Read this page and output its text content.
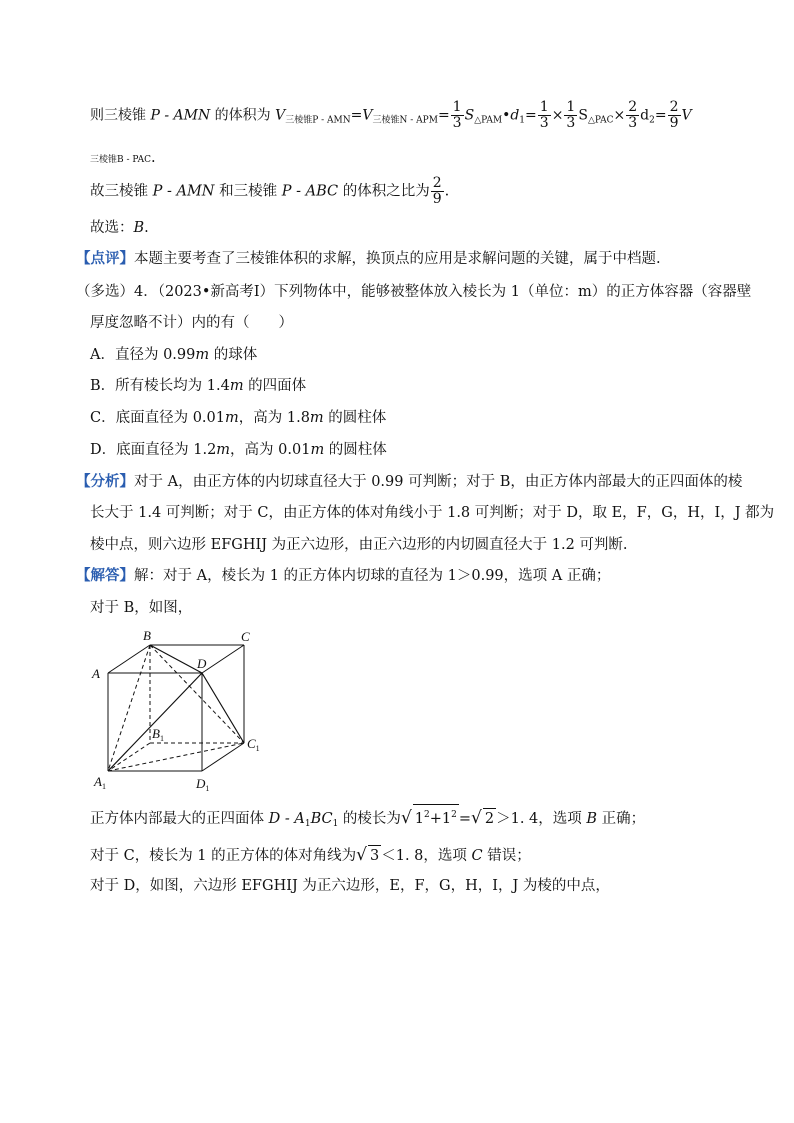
则三棱锥 P - AMN 的体积为 $V_{三棱锥P - AMN}=V_{三棱锥N - APM}= \frac{1}{3}$ $S_{\triangle PAM}•d_1= \frac{1}{3} \times \frac{1}{3} S_{\triangle PAC}\times \frac{2}{3} d_2= \frac{2}{9}$ V
三棱锥B - PAC.
故三棱锥 P - AMN 和三棱锥 P - ABC 的体积之比为 $\frac{2}{9}$ .
故选：B.
【点评】本题主要考查了三棱锥体积的求解，换顶点的应用是求解问题的关键，属于中档题.
（多选）4．（2023•新高考Ⅰ）下列物体中，能够被整体放入棱长为 1（单位：m）的正方体容器（容器壁
厚度忽略不计）内的有（　　）
A．直径为 0.99m 的球体
B．所有棱长均为 1.4m 的四面体
C．底面直径为 0.01m，高为 1.8m 的圆柱体
D．底面直径为 1.2m，高为 0.01m 的圆柱体
【分析】对于 A，由正方体的内切球直径大于 0.99 可判断；对于 B，由正方体内部最大的正四面体的棱
长大于 1.4 可判断；对于 C，由正方体的体对角线小于 1.8 可判断；对于 D，取 E，F，G，H，I，J 都为
棱中点，则六边形 EFGHIJ 为正六边形，由正六边形的内切圆直径大于 1.2 可判断.
【解答】解：对于 A，棱长为 1 的正方体内切球的直径为 1＞0.99，选项 A 正确；
对于 B，如图，
A
B	C
D
$A_1$
$B_1$	$C_1$
$D_1$
正方体内部最大的正四面体 D - $A_1BC_1$ 的棱长为√ $1^2+1^2$ =√ 2 ＞1. 4，选项 B 正确；
对于 C，棱长为 1 的正方体的体对角线为√ 3 ＜1. 8，选项 C 错误；
对于 D，如图，六边形 EFGHIJ 为正六边形，E，F，G，H，I，J 为棱的中点，
